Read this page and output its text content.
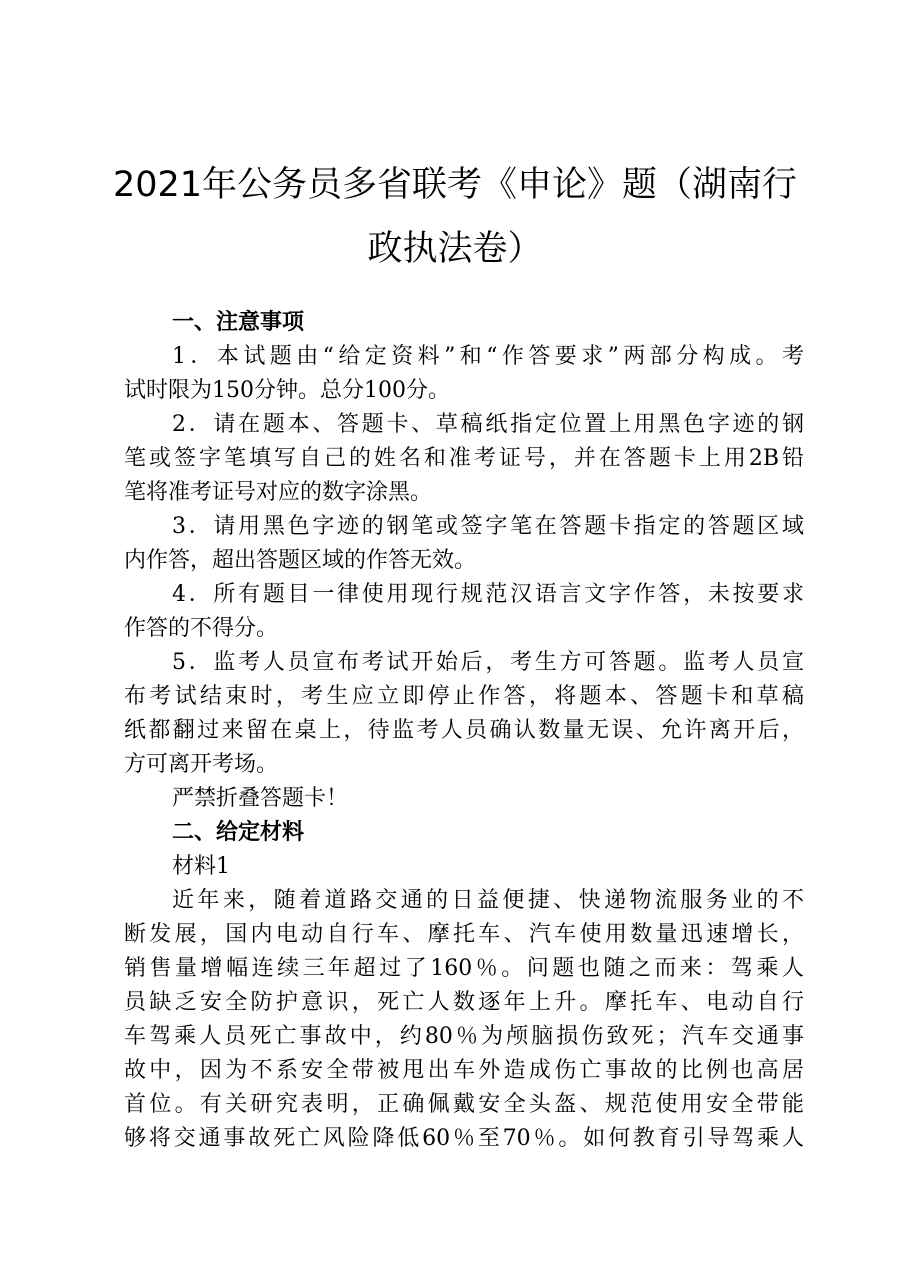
2021年公务员多省联考《申论》题（湖南行
政执法卷）
一、注意事项
1．本试题由“给定资料”和“作答要求”两部分构成。考
试时限为150分钟。总分100分。
2．请在题本、答题卡、草稿纸指定位置上用黑色字迹的钢
笔或签字笔填写自己的姓名和准考证号，并在答题卡上用2B铅
笔将准考证号对应的数字涂黑。
3．请用黑色字迹的钢笔或签字笔在答题卡指定的答题区域
内作答，超出答题区域的作答无效。
4．所有题目一律使用现行规范汉语言文字作答，未按要求
作答的不得分。
5．监考人员宣布考试开始后，考生方可答题。监考人员宣
布考试结束时，考生应立即停止作答，将题本、答题卡和草稿
纸都翻过来留在桌上，待监考人员确认数量无误、允许离开后，
方可离开考场。
严禁折叠答题卡！
二、给定材料
材料1
近年来，随着道路交通的日益便捷、快递物流服务业的不
断发展，国内电动自行车、摩托车、汽车使用数量迅速增长，
销售量增幅连续三年超过了160％。问题也随之而来：驾乘人
员缺乏安全防护意识，死亡人数逐年上升。摩托车、电动自行
车驾乘人员死亡事故中，约80％为颅脑损伤致死；汽车交通事
故中，因为不系安全带被甩出车外造成伤亡事故的比例也高居
首位。有关研究表明，正确佩戴安全头盔、规范使用安全带能
够将交通事故死亡风险降低60％至70％。如何教育引导驾乘人
